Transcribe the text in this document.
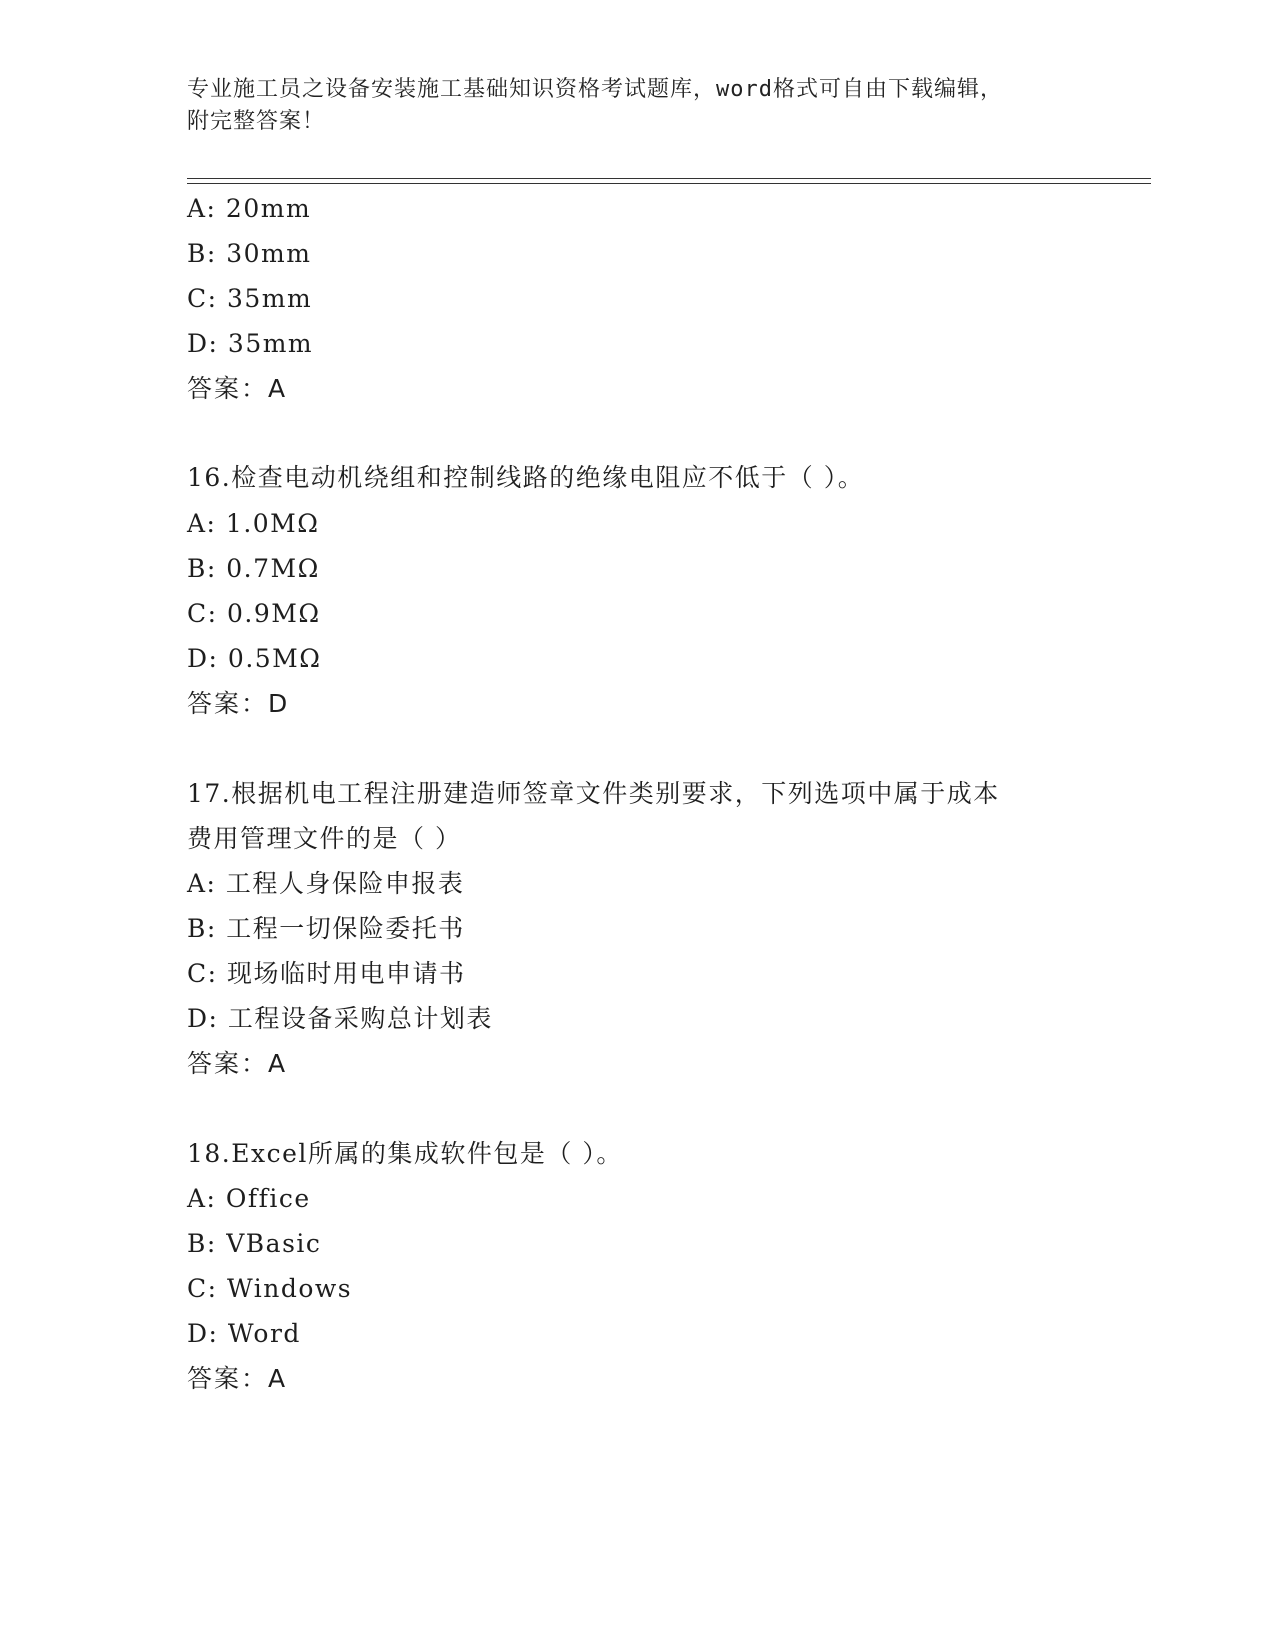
专业施工员之设备安装施工基础知识资格考试题库，word格式可自由下载编辑，
附完整答案！
A: 20mm
B: 30mm
C: 35mm
D: 35mm
答案：A
16.检查电动机绕组和控制线路的绝缘电阻应不低于（ ）。
A: 1.0MΩ
B: 0.7MΩ
C: 0.9MΩ
D: 0.5MΩ
答案：D
17.根据机电工程注册建造师签章文件类别要求，下列选项中属于成本
费用管理文件的是（ ）
A: 工程人身保险申报表
B: 工程一切保险委托书
C: 现场临时用电申请书
D: 工程设备采购总计划表
答案：A
18.Excel所属的集成软件包是（ ）。
A: Office
B: VBasic
C: Windows
D: Word
答案：A
